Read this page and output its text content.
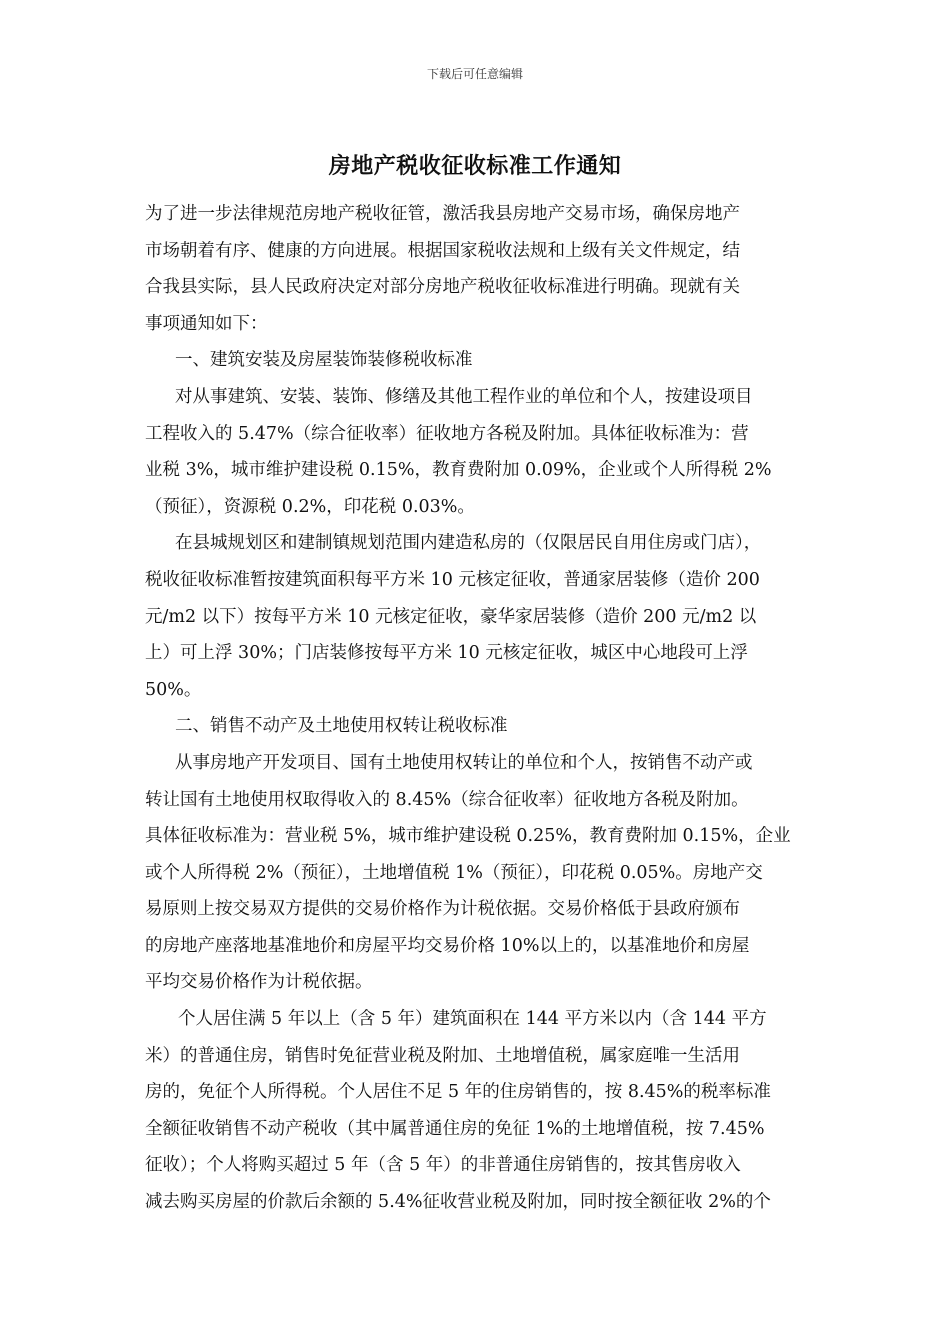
下载后可任意编辑
房地产税收征收标准工作通知
为了进一步法律规范房地产税收征管，激活我县房地产交易市场，确保房地产
市场朝着有序、健康的方向进展。根据国家税收法规和上级有关文件规定，结
合我县实际，县人民政府决定对部分房地产税收征收标准进行明确。现就有关
事项通知如下：
一、建筑安装及房屋装饰装修税收标准
对从事建筑、安装、装饰、修缮及其他工程作业的单位和个人，按建设项目
工程收入的 5.47%（综合征收率）征收地方各税及附加。具体征收标准为：营
业税 3%，城市维护建设税 0.15%，教育费附加 0.09%，企业或个人所得税 2%
（预征），资源税 0.2%，印花税 0.03%。
在县城规划区和建制镇规划范围内建造私房的（仅限居民自用住房或门店），
税收征收标准暂按建筑面积每平方米 10 元核定征收，普通家居装修（造价 200
元/m2 以下）按每平方米 10 元核定征收，豪华家居装修（造价 200 元/m2 以
上）可上浮 30%；门店装修按每平方米 10 元核定征收，城区中心地段可上浮
50%。
二、销售不动产及土地使用权转让税收标准
从事房地产开发项目、国有土地使用权转让的单位和个人，按销售不动产或
转让国有土地使用权取得收入的 8.45%（综合征收率）征收地方各税及附加。
具体征收标准为：营业税 5%，城市维护建设税 0.25%，教育费附加 0.15%，企业
或个人所得税 2%（预征），土地增值税 1%（预征），印花税 0.05%。房地产交
易原则上按交易双方提供的交易价格作为计税依据。交易价格低于县政府颁布
的房地产座落地基准地价和房屋平均交易价格 10%以上的，以基准地价和房屋
平均交易价格作为计税依据。
个人居住满 5 年以上（含 5 年）建筑面积在 144 平方米以内（含 144 平方
米）的普通住房，销售时免征营业税及附加、土地增值税，属家庭唯一生活用
房的，免征个人所得税。个人居住不足 5 年的住房销售的，按 8.45%的税率标准
全额征收销售不动产税收（其中属普通住房的免征 1%的土地增值税，按 7.45%
征收）；个人将购买超过 5 年（含 5 年）的非普通住房销售的，按其售房收入
减去购买房屋的价款后余额的 5.4%征收营业税及附加，同时按全额征收 2%的个
